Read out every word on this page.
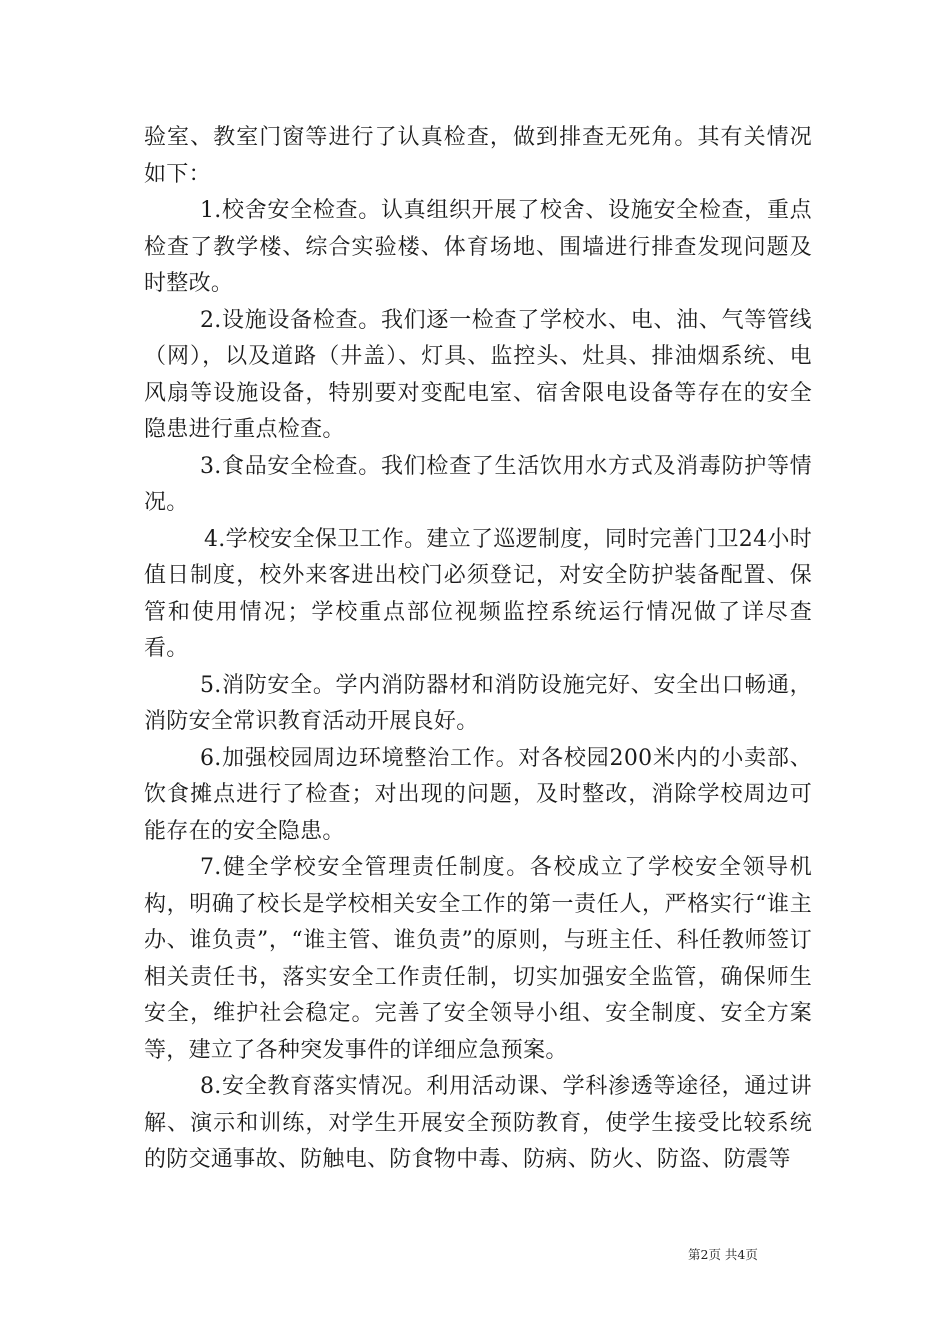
验室、教室门窗等进行了认真检查，做到排查无死角。其有关情况如下：

1.校舍安全检查。认真组织开展了校舍、设施安全检查，重点检查了教学楼、综合实验楼、体育场地、围墙进行排查发现问题及时整改。

2.设施设备检查。我们逐一检查了学校水、电、油、气等管线（网），以及道路（井盖）、灯具、监控头、灶具、排油烟系统、电风扇等设施设备，特别要对变配电室、宿舍限电设备等存在的安全隐患进行重点检查。

3.食品安全检查。我们检查了生活饮用水方式及消毒防护等情况。

4.学校安全保卫工作。建立了巡逻制度，同时完善门卫24小时值日制度，校外来客进出校门必须登记，对安全防护装备配置、保管和使用情况；学校重点部位视频监控系统运行情况做了详尽查看。

5.消防安全。学内消防器材和消防设施完好、安全出口畅通，消防安全常识教育活动开展良好。

6.加强校园周边环境整治工作。对各校园200米内的小卖部、饮食摊点进行了检查；对出现的问题，及时整改，消除学校周边可能存在的安全隐患。

7.健全学校安全管理责任制度。各校成立了学校安全领导机构，明确了校长是学校相关安全工作的第一责任人，严格实行“谁主办、谁负责”，“谁主管、谁负责”的原则，与班主任、科任教师签订相关责任书，落实安全工作责任制，切实加强安全监管，确保师生安全，维护社会稳定。完善了安全领导小组、安全制度、安全方案等，建立了各种突发事件的详细应急预案。

8.安全教育落实情况。利用活动课、学科渗透等途径，通过讲解、演示和训练，对学生开展安全预防教育，使学生接受比较系统的防交通事故、防触电、防食物中毒、防病、防火、防盗、防震等

第2页 共4页
